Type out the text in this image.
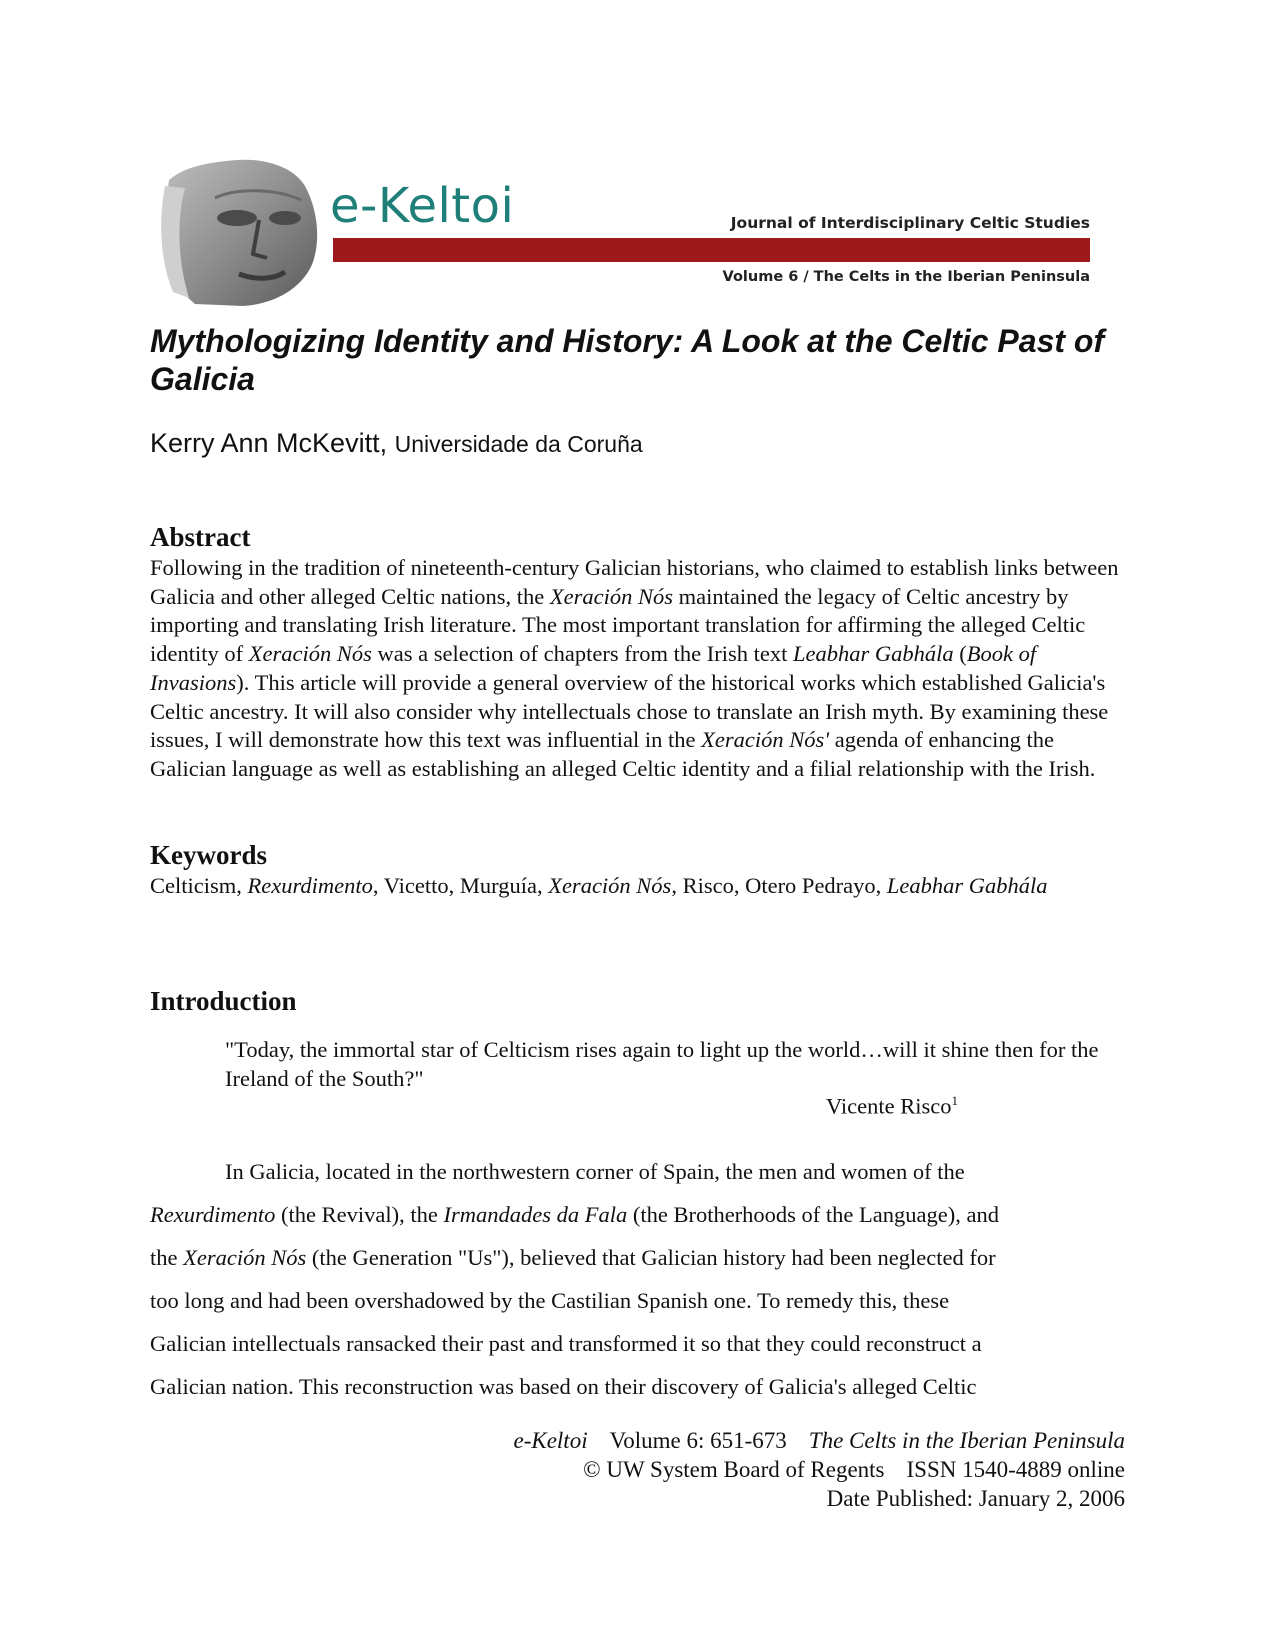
e-Keltoi	Journal of Interdisciplinary Celtic Studies
Volume 6 / The Celts in the Iberian Peninsula
Mythologizing Identity and History: A Look at the Celtic Past of Galicia

Kerry Ann McKevitt, Universidade da Coruña

Abstract

Following in the tradition of nineteenth-century Galician historians, who claimed to establish links between Galicia and other alleged Celtic nations, the Xeración Nós maintained the legacy of Celtic ancestry by importing and translating Irish literature. The most important translation for affirming the alleged Celtic identity of Xeración Nós was a selection of chapters from the Irish text Leabhar Gabhála (Book of Invasions). This article will provide a general overview of the historical works which established Galicia's Celtic ancestry. It will also consider why intellectuals chose to translate an Irish myth. By examining these issues, I will demonstrate how this text was influential in the Xeración Nós' agenda of enhancing the Galician language as well as establishing an alleged Celtic identity and a filial relationship with the Irish.

Keywords

Celticism, Rexurdimento, Vicetto, Murguía, Xeración Nós, Risco, Otero Pedrayo, Leabhar Gabhála

Introduction

"Today, the immortal star of Celticism rises again to light up the world…will it shine then for the Ireland of the South?"

Vicente Risco$^1$

In Galicia, located in the northwestern corner of Spain, the men and women of the
Rexurdimento (the Revival), the Irmandades da Fala (the Brotherhoods of the Language), and
the Xeración Nós (the Generation "Us"), believed that Galician history had been neglected for
too long and had been overshadowed by the Castilian Spanish one. To remedy this, these
Galician intellectuals ransacked their past and transformed it so that they could reconstruct a
Galician nation. This reconstruction was based on their discovery of Galicia's alleged Celtic
e-Keltoi Volume 6: 651-673 The Celts in the Iberian Peninsula
© UW System Board of Regents ISSN 1540-4889 online
Date Published: January 2, 2006
